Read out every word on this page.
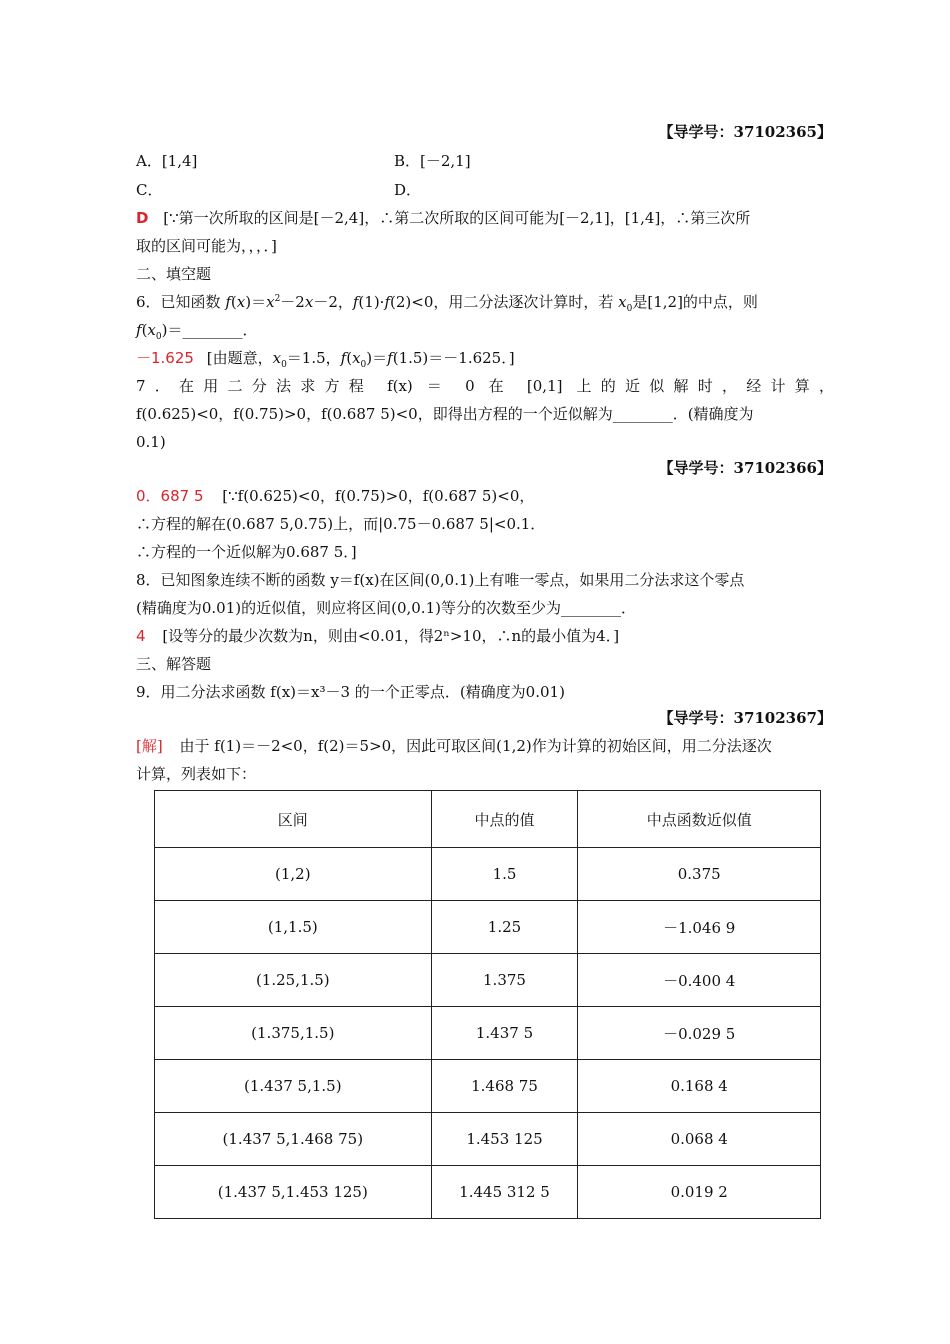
【导学号：37102365】
A．[1,4]	B．[－2,1]
C．	D．
D [∵第一次所取的区间是[－2,4]，∴第二次所取的区间可能为[－2,1]，[1,4]，∴第三次所
取的区间可能为，，，．]
二、填空题
6．已知函数 $f(x)=x^2-2x-2$，f(1)·f(2)<0，用二分法逐次计算时，若 $x_0$是[1,2]的中点，则
$f(x_0)=\_\_\_\_\_\_\_\_$．
－1.625 [由题意，$x_0=1.5$，$f(x_0)=f(1.5)=-1.625$．]
7．在用二分法求方程 f(x) ＝ 0 在 [0,1] 上的近似解时，经计算，
f(0.625)<0，f(0.75)>0，f(0.687 5)<0，即得出方程的一个近似解为________．(精确度为
0.1)
【导学号：37102366】
0．687 5 [∵f(0.625)<0，f(0.75)>0，f(0.687 5)<0，
∴方程的解在(0.687 5,0.75)上，而|0.75－0.687 5|<0.1．
∴方程的一个近似解为0.687 5．]
8．已知图象连续不断的函数 y＝f(x)在区间(0,0.1)上有唯一零点，如果用二分法求这个零点
(精确度为0.01)的近似值，则应将区间(0,0.1)等分的次数至少为________．
4 [设等分的最少次数为n，则由<0.01，得2ⁿ>10，∴n的最小值为4．]
三、解答题
9．用二分法求函数 f(x)＝x³－3 的一个正零点．(精确度为0.01)
【导学号：37102367】
[解] 由于 f(1)＝－2<0，f(2)＝5>0，因此可取区间(1,2)作为计算的初始区间，用二分法逐次
计算，列表如下：
区间	中点的值	中点函数近似值
(1,2)	1.5	0.375
(1,1.5)	1.25	－1.046 9
(1.25,1.5)	1.375	－0.400 4
(1.375,1.5)	1.437 5	－0.029 5
(1.437 5,1.5)	1.468 75	0.168 4
(1.437 5,1.468 75)	1.453 125	0.068 4
(1.437 5,1.453 125)	1.445 312 5	0.019 2
